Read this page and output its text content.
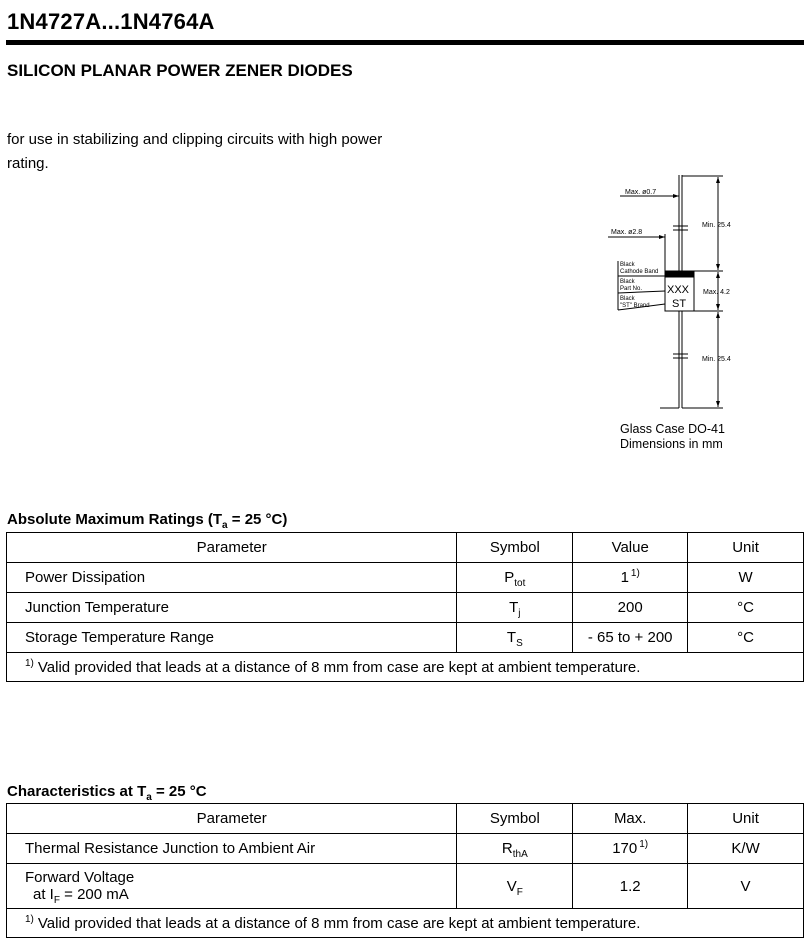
1N4727A...1N4764A
SILICON PLANAR POWER ZENER DIODES
for use in stabilizing and clipping circuits with high power rating.
Max. ø0.7
Max. ø2.8
Min. 25.4
Max. 4.2
Min. 25.4
Black
Cathode Band
Black
Part No.
Black
"ST" Brand
XXX
ST
Glass Case DO-41
Dimensions in mm
Absolute Maximum Ratings ($T_a = 25$ °C)
Parameter	Symbol	Value	Unit
Power Dissipation	$P_{tot}$	1 $^{1)}$	W
Junction Temperature	$T_j$	200	°C
Storage Temperature Range	$T_S$	- 65 to + 200	°C
$^{1)}$ Valid provided that leads at a distance of 8 mm from case are kept at ambient temperature.			
Characteristics at $T_a = 25$ °C
Parameter	Symbol	Max.	Unit
Thermal Resistance Junction to Ambient Air	$R_{thA}$	170 $^{1)}$	K/W

Forward Voltage
at $I_F = 200$ mA	$V_F$	1.2	V
$^{1)}$ Valid provided that leads at a distance of 8 mm from case are kept at ambient temperature.			
